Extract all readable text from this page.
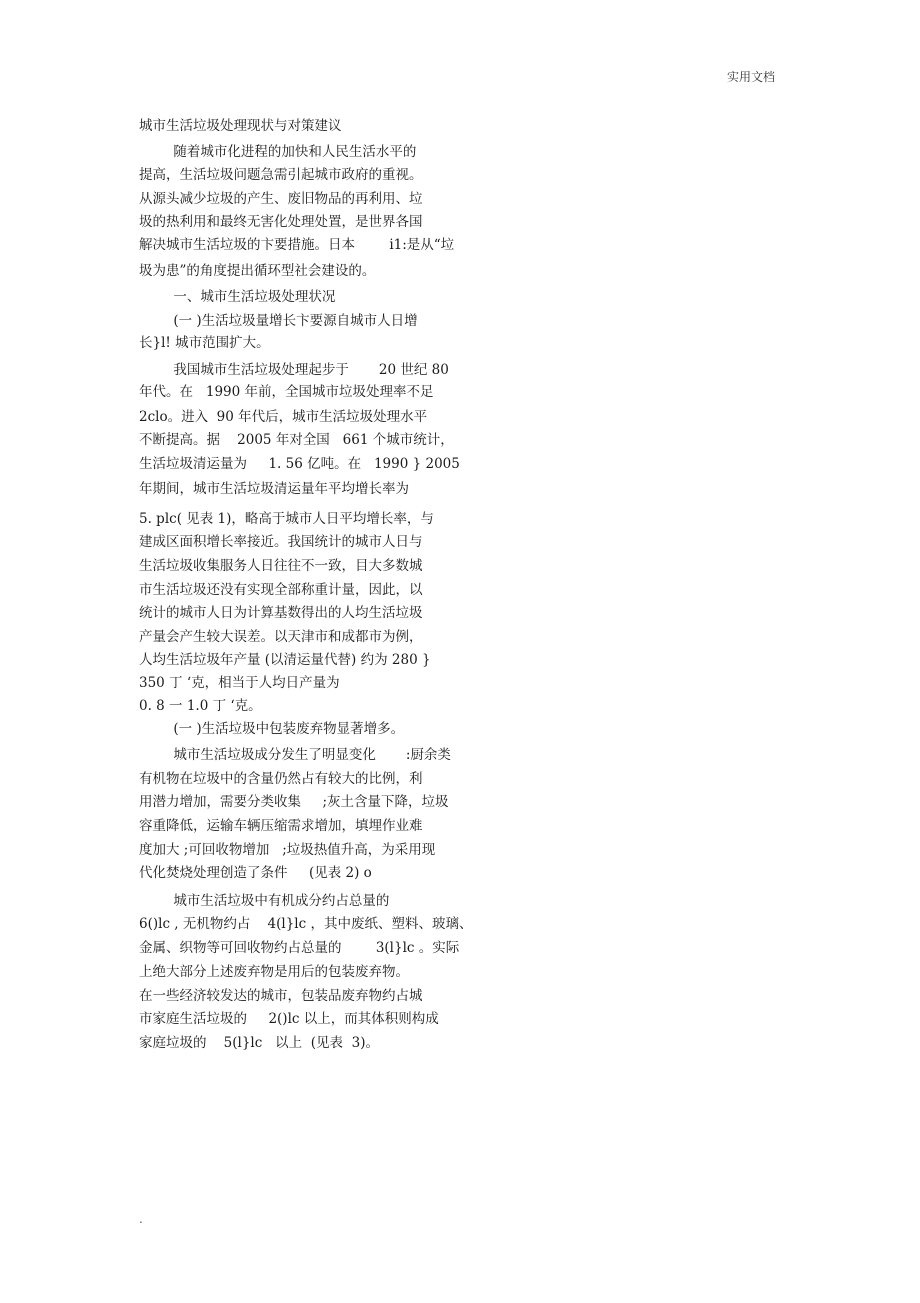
实用文档
城市生活垃圾处理现状与对策建议
随着城市化进程的加快和人民生活水平的
提高，生活垃圾问题急需引起城市政府的重视。
从源头减少垃圾的产生、废旧物品的再利用、垃
圾的热利用和最终无害化处理处置，是世界各国
解决城市生活垃圾的卞要措施。日本        i1:是从“垃
圾为患”的角度提出循环型社会建设的。
一、城市生活垃圾处理状况
(一 )生活垃圾量增长卞要源自城市人日增
长}l! 城市范围扩大。
我国城市生活垃圾处理起步于       20 世纪 80
年代。在   1990 年前，全国城市垃圾处理率不足
2clo。进入  90 年代后，城市生活垃圾处理水平
不断提高。据    2005 年对全国   661 个城市统计，
生活垃圾清运量为     1. 56 亿吨。在   1990 } 2005
年期间，城市生活垃圾清运量年平均增长率为
5. plc( 见表 1)，略高于城市人日平均增长率，与
建成区面积增长率接近。我国统计的城市人日与
生活垃圾收集服务人日往往不一致，目大多数城
市生活垃圾还没有实现全部称重计量，因此，以
统计的城市人日为计算基数得出的人均生活垃圾
产量会产生较大误差。以天津市和成都市为例，
人均生活垃圾年产量 (以清运量代替) 约为 280 }
350 丁 ‘克，相当于人均日产量为
0. 8 一 1.0 丁 ‘克。
(一 )生活垃圾中包装废弃物显著增多。
城市生活垃圾成分发生了明显变化       :厨余类
有机物在垃圾中的含量仍然占有较大的比例，利
用潜力增加，需要分类收集     ;灰土含量下降，垃圾
容重降低，运输车辆压缩需求增加，填埋作业难
度加大 ;可回收物增加   ;垃圾热值升高，为采用现
代化焚烧处理创造了条件     (见表 2) o
城市生活垃圾中有机成分约占总量的
6()lc , 无机物约占    4(l}lc ，其中废纸、塑料、玻璃、
金属、织物等可回收物约占总量的        3(l}lc 。实际
上绝大部分上述废弃物是用后的包装废弃物。
在一些经济较发达的城市，包装品废弃物约占城
市家庭生活垃圾的     2()lc 以上，而其体积则构成
家庭垃圾的    5(l}lc   以上  (见表  3)。
.
